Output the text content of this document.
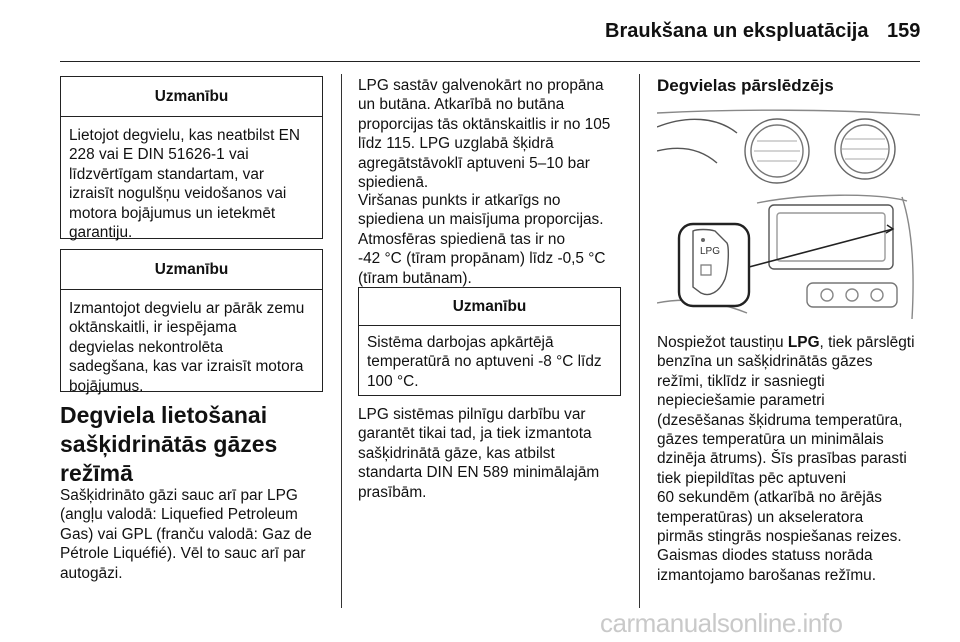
Braukšana un ekspluatācija 159
Uzmanību

Lietojot degvielu, kas neatbilst EN

228 vai E DIN 51626-1 vai

līdzvērtīgam standartam, var

izraisīt nogulšņu veidošanos vai

motora bojājumus un ietekmēt

garantiju.

Uzmanību

Izmantojot degvielu ar pārāk zemu

oktānskaitli, ir iespējama

degvielas nekontrolēta

sadegšana, kas var izraisīt motora

bojājumus.

Degviela lietošanai
sašķidrinātās gāzes
režīmā

Sašķidrināto gāzi sauc arī par LPG

(angļu valodā: Liquefied Petroleum

Gas) vai GPL (franču valodā: Gaz de

Pétrole Liquéfié). Vēl to sauc arī par

autogāzi.

LPG sastāv galvenokārt no propāna

un butāna. Atkarībā no butāna

proporcijas tās oktānskaitlis ir no 105

līdz 115. LPG uzglabā šķidrā

agregātstāvoklī aptuveni 5–10 bar

spiedienā.

Viršanas punkts ir atkarīgs no

spiediena un maisījuma proporcijas.

Atmosfēras spiedienā tas ir no

-42 °C (tīram propānam) līdz -0,5 °C

(tīram butānam).

Uzmanību

Sistēma darbojas apkārtējā

temperatūrā no aptuveni -8 °C līdz

100 °C.

LPG sistēmas pilnīgu darbību var

garantēt tikai tad, ja tiek izmantota

sašķidrinātā gāze, kas atbilst

standarta DIN EN 589 minimālajām

prasībām.

Degvielas pārslēdzējs
LPG

Nospiežot taustiņu LPG, tiek pārslēgti

benzīna un sašķidrinātās gāzes

režīmi, tiklīdz ir sasniegti

nepieciešamie parametri

(dzesēšanas šķidruma temperatūra,

gāzes temperatūra un minimālais

dzinēja ātrums). Šīs prasības parasti

tiek piepildītas pēc aptuveni

60 sekundēm (atkarībā no ārējās

temperatūras) un akseleratora

pirmās stingrās nospiešanas reizes.

Gaismas diodes statuss norāda

izmantojamo barošanas režīmu.

carmanualsonline.info
